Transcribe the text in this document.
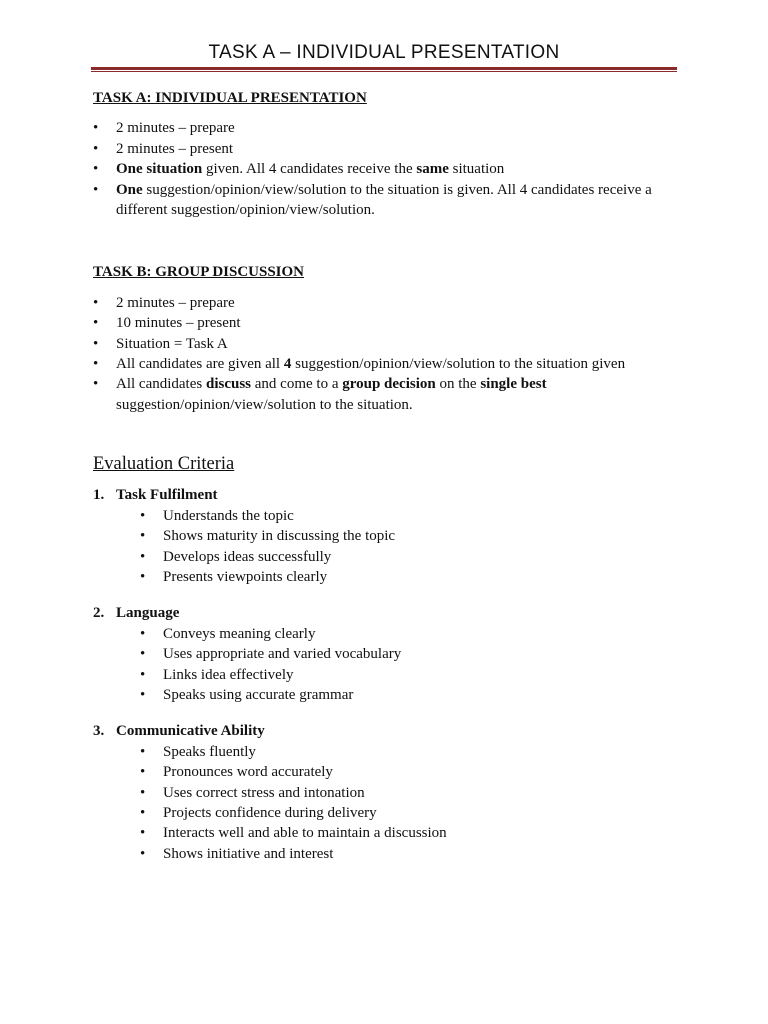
TASK A – INDIVIDUAL PRESENTATION

TASK A: INDIVIDUAL PRESENTATION

• 2 minutes – prepare
• 2 minutes – present
• One situation given. All 4 candidates receive the same situation
• One suggestion/opinion/view/solution to the situation is given. All 4 candidates receive a different suggestion/opinion/view/solution.

TASK B: GROUP DISCUSSION

• 2 minutes – prepare
• 10 minutes – present
• Situation = Task A
• All candidates are given all 4 suggestion/opinion/view/solution to the situation given
• All candidates discuss and come to a group decision on the single best suggestion/opinion/view/solution to the situation.

Evaluation Criteria

1. Task Fulfilment
• Understands the topic
• Shows maturity in discussing the topic
• Develops ideas successfully
• Presents viewpoints clearly
2. Language
• Conveys meaning clearly
• Uses appropriate and varied vocabulary
• Links idea effectively
• Speaks using accurate grammar
3. Communicative Ability
• Speaks fluently
• Pronounces word accurately
• Uses correct stress and intonation
• Projects confidence during delivery
• Interacts well and able to maintain a discussion
• Shows initiative and interest
